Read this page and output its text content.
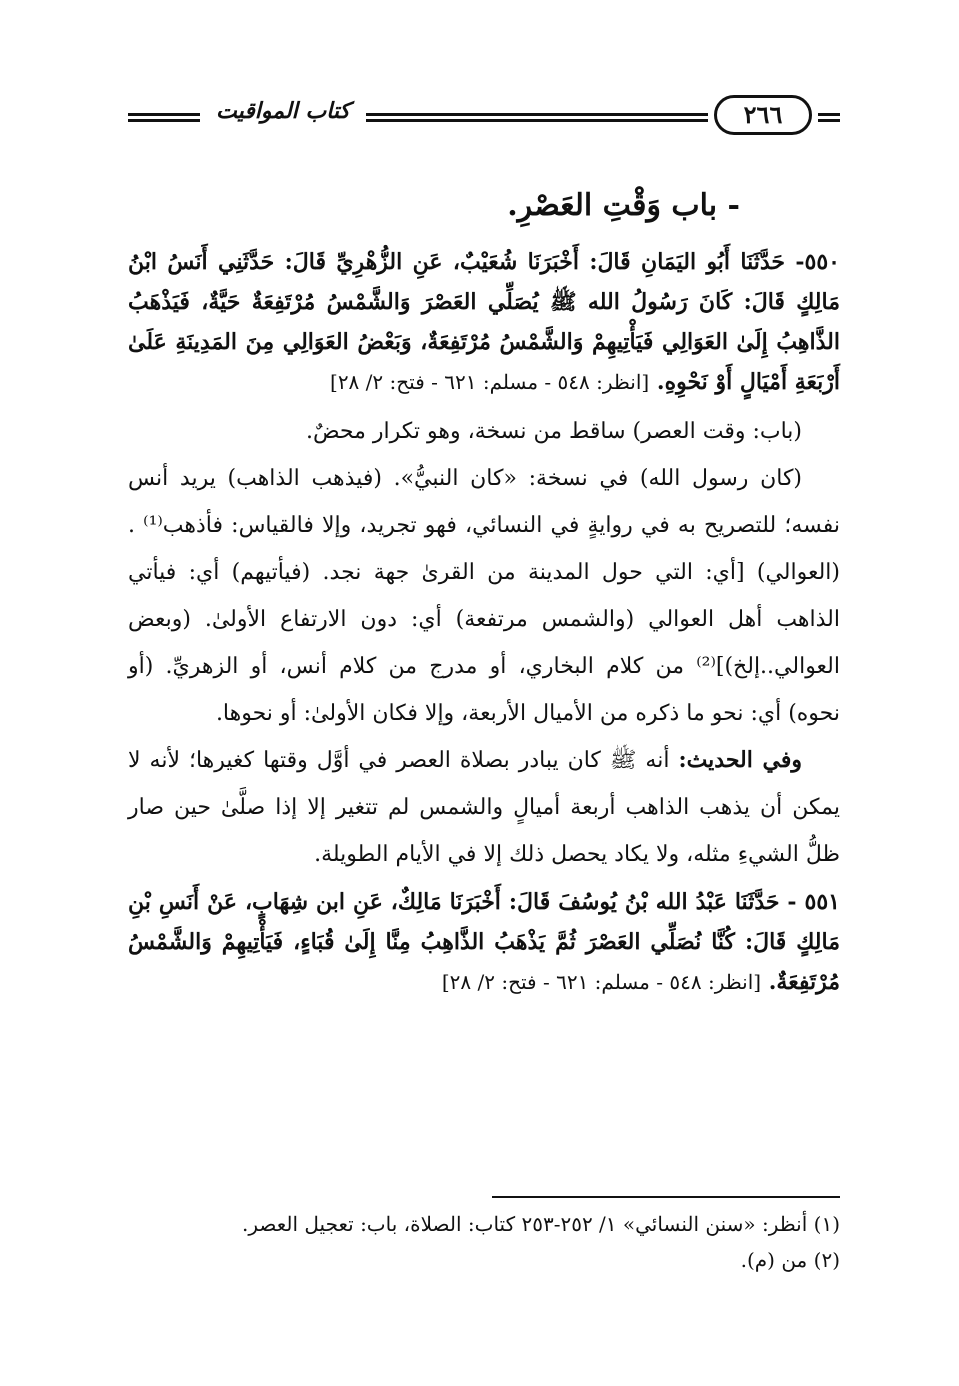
كتاب المواقيت	٢٦٦
- باب وَقْتِ العَصْرِ.

٥٥٠- حَدَّثَنَا أَبُو اليَمَانِ قَالَ: أَخْبَرَنَا شُعَيْبٌ، عَنِ الزُّهْرِيِّ قَالَ: حَدَّثَنِي أَنَسُ ابْنُ مَالِكٍ قَالَ: كَانَ رَسُولُ الله ﷺ يُصَلِّي العَصْرَ وَالشَّمْسُ مُرْتَفِعَةٌ حَيَّةٌ، فَيَذْهَبُ الذَّاهِبُ إِلَىٰ العَوَالِي فَيَأْتِيهِمْ وَالشَّمْسُ مُرْتَفِعَةٌ، وَبَعْضُ العَوَالِي مِنَ المَدِينَةِ عَلَىٰ أَرْبَعَةِ أَمْيَالٍ أَوْ نَحْوِهِ. [انظر: ٥٤٨ - مسلم: ٦٢١ - فتح: ٢/ ٢٨]

(باب: وقت العصر) ساقط من نسخة، وهو تكرار محضٌ.

(كان رسول الله) في نسخة: «كان النبيُّ». (فيذهب الذاهب) يريد أنس نفسه؛ للتصريح به في روايةٍ في النسائي، فهو تجريد، وإلا فالقياس: فأذهب⁽¹⁾ . (العوالي) [أي: التي حول المدينة من القرىٰ جهة نجد. (فيأتيهم) أي: فيأتي الذاهب أهل العوالي (والشمس مرتفعة) أي: دون الارتفاع الأولىٰ. (وبعض العوالي..إلخ)]⁽²⁾ من كلام البخاري، أو مدرج من كلام أنس، أو الزهريِّ. (أو نحوه) أي: نحو ما ذكره من الأميال الأربعة، وإلا فكان الأولىٰ: أو نحوها.

وفي الحديث: أنه ﷺ كان يبادر بصلاة العصر في أوَّل وقتها كغيرها؛ لأنه لا يمكن أن يذهب الذاهب أربعة أميالٍ والشمس لم تتغير إلا إذا صلَّىٰ حين صار ظلُّ الشيءِ مثله، ولا يكاد يحصل ذلك إلا في الأيام الطويلة.

٥٥١ - حَدَّثَنَا عَبْدُ الله بْنُ يُوسُفَ قَالَ: أَخْبَرَنَا مَالِكٌ، عَنِ ابن شِهَابٍ، عَنْ أَنَسِ بْنِ مَالِكٍ قَالَ: كُنَّا نُصَلِّي العَصْرَ ثُمَّ يَذْهَبُ الذَّاهِبُ مِنَّا إِلَىٰ قُبَاءٍ، فَيَأْتِيهِمْ وَالشَّمْسُ مُرْتَفِعَةٌ. [انظر: ٥٤٨ - مسلم: ٦٢١ - فتح: ٢/ ٢٨]

(١) أنظر: «سنن النسائي» ١/ ٢٥٢-٢٥٣ كتاب: الصلاة، باب: تعجيل العصر.

(٢) من (م).
